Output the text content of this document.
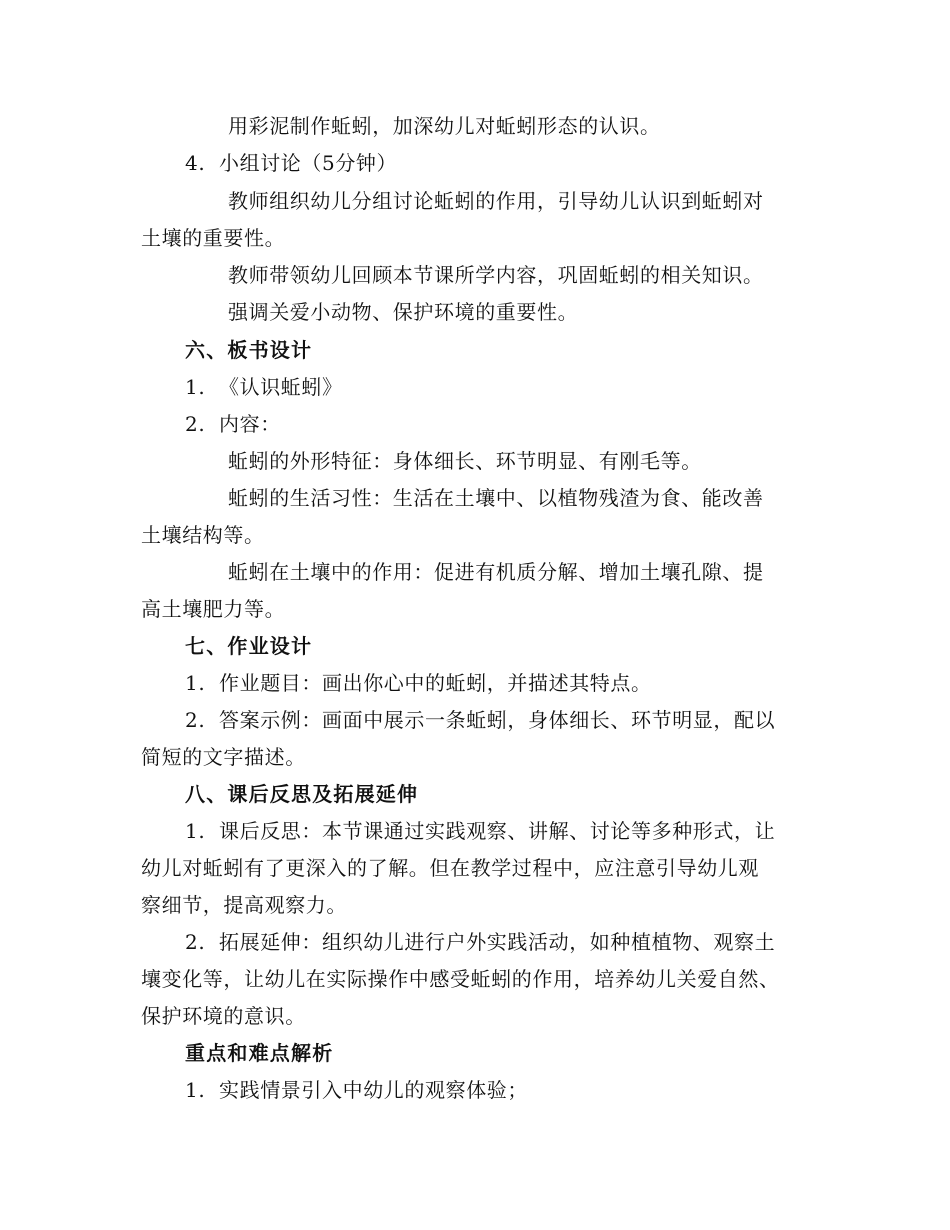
用彩泥制作蚯蚓，加深幼儿对蚯蚓形态的认识。
4. 小组讨论（5分钟）
教师组织幼儿分组讨论蚯蚓的作用，引导幼儿认识到蚯蚓对
土壤的重要性。
教师带领幼儿回顾本节课所学内容，巩固蚯蚓的相关知识。
强调关爱小动物、保护环境的重要性。
六、板书设计
1. 《认识蚯蚓》
2. 内容：
蚯蚓的外形特征：身体细长、环节明显、有刚毛等。
蚯蚓的生活习性：生活在土壤中、以植物残渣为食、能改善
土壤结构等。
蚯蚓在土壤中的作用：促进有机质分解、增加土壤孔隙、提
高土壤肥力等。
七、作业设计
1. 作业题目：画出你心中的蚯蚓，并描述其特点。
2. 答案示例：画面中展示一条蚯蚓，身体细长、环节明显，配以
简短的文字描述。
八、课后反思及拓展延伸
1. 课后反思：本节课通过实践观察、讲解、讨论等多种形式，让
幼儿对蚯蚓有了更深入的了解。但在教学过程中，应注意引导幼儿观
察细节，提高观察力。
2. 拓展延伸：组织幼儿进行户外实践活动，如种植植物、观察土
壤变化等，让幼儿在实际操作中感受蚯蚓的作用，培养幼儿关爱自然、
保护环境的意识。
重点和难点解析
1. 实践情景引入中幼儿的观察体验；
